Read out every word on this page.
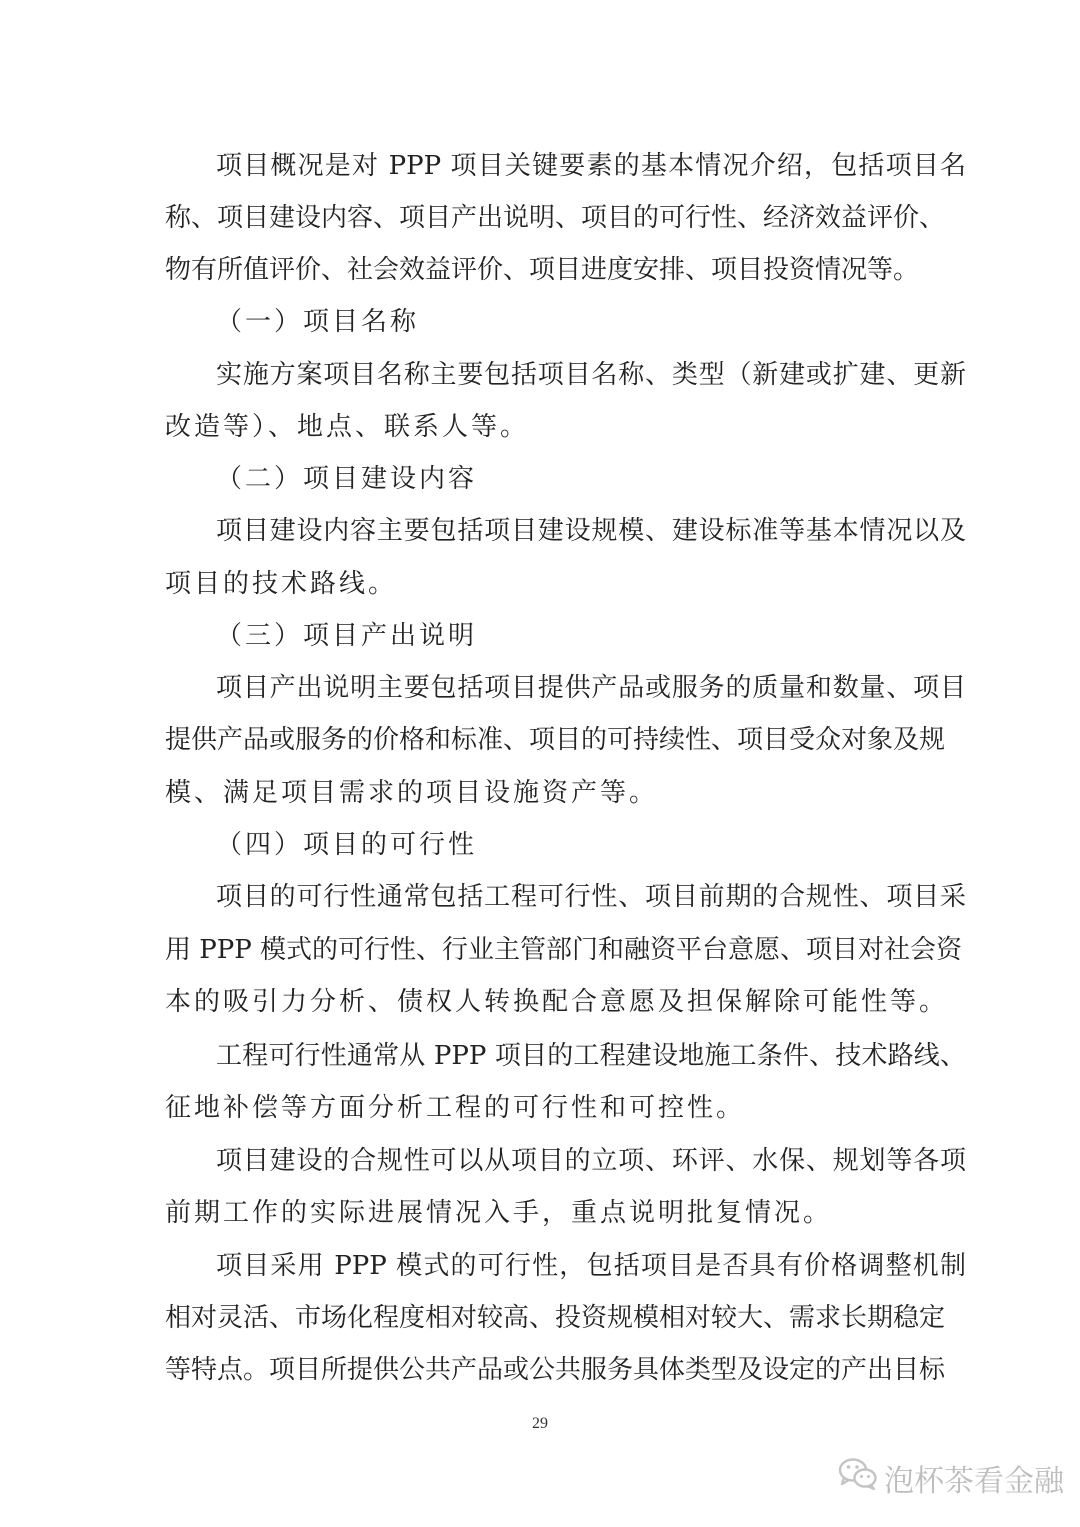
项目概况是对 PPP 项目关键要素的基本情况介绍，包括项目名
称、项目建设内容、项目产出说明、项目的可行性、经济效益评价、
物有所值评价、社会效益评价、项目进度安排、项目投资情况等。
（一）项目名称
实施方案项目名称主要包括项目名称、类型（新建或扩建、更新
改造等）、地点、联系人等。
（二）项目建设内容
项目建设内容主要包括项目建设规模、建设标准等基本情况以及
项目的技术路线。
（三）项目产出说明
项目产出说明主要包括项目提供产品或服务的质量和数量、项目
提供产品或服务的价格和标准、项目的可持续性、项目受众对象及规
模、满足项目需求的项目设施资产等。
（四）项目的可行性
项目的可行性通常包括工程可行性、项目前期的合规性、项目采
用 PPP 模式的可行性、行业主管部门和融资平台意愿、项目对社会资
本的吸引力分析、债权人转换配合意愿及担保解除可能性等。
工程可行性通常从 PPP 项目的工程建设地施工条件、技术路线、
征地补偿等方面分析工程的可行性和可控性。
项目建设的合规性可以从项目的立项、环评、水保、规划等各项
前期工作的实际进展情况入手，重点说明批复情况。
项目采用 PPP 模式的可行性，包括项目是否具有价格调整机制
相对灵活、市场化程度相对较高、投资规模相对较大、需求长期稳定
等特点。项目所提供公共产品或公共服务具体类型及设定的产出目标
29
泡杯茶看金融
